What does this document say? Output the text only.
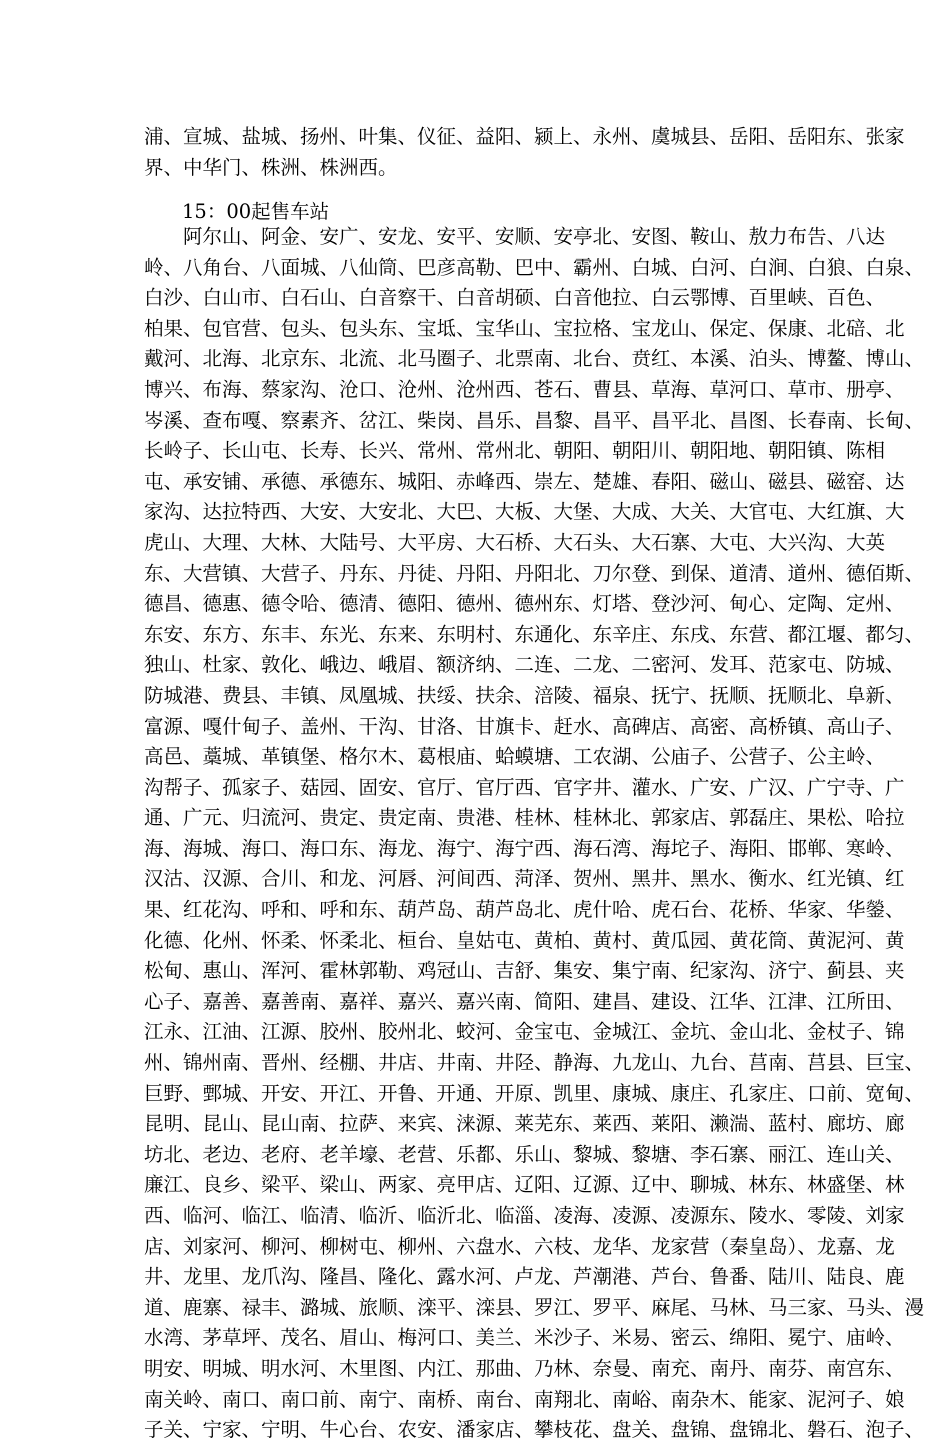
浦、宣城、盐城、扬州、叶集、仪征、益阳、颍上、永州、虞城县、岳阳、岳阳东、张家
界、中华门、株洲、株洲西。
15：00起售车站
　　阿尔山、阿金、安广、安龙、安平、安顺、安亭北、安图、鞍山、敖力布告、八达
岭、八角台、八面城、八仙筒、巴彦高勒、巴中、霸州、白城、白河、白涧、白狼、白泉、
白沙、白山市、白石山、白音察干、白音胡硕、白音他拉、白云鄂博、百里峡、百色、
柏果、包官营、包头、包头东、宝坻、宝华山、宝拉格、宝龙山、保定、保康、北碚、北
戴河、北海、北京东、北流、北马圈子、北票南、北台、贲红、本溪、泊头、博鳌、博山、
博兴、布海、蔡家沟、沧口、沧州、沧州西、苍石、曹县、草海、草河口、草市、册亭、
岑溪、查布嘎、察素齐、岔江、柴岗、昌乐、昌黎、昌平、昌平北、昌图、长春南、长甸、
长岭子、长山屯、长寿、长兴、常州、常州北、朝阳、朝阳川、朝阳地、朝阳镇、陈相
屯、承安铺、承德、承德东、城阳、赤峰西、崇左、楚雄、春阳、磁山、磁县、磁窑、达
家沟、达拉特西、大安、大安北、大巴、大板、大堡、大成、大关、大官屯、大红旗、大
虎山、大理、大林、大陆号、大平房、大石桥、大石头、大石寨、大屯、大兴沟、大英
东、大营镇、大营子、丹东、丹徒、丹阳、丹阳北、刀尔登、到保、道清、道州、德佰斯、
德昌、德惠、德令哈、德清、德阳、德州、德州东、灯塔、登沙河、甸心、定陶、定州、
东安、东方、东丰、东光、东来、东明村、东通化、东辛庄、东戌、东营、都江堰、都匀、
独山、杜家、敦化、峨边、峨眉、额济纳、二连、二龙、二密河、发耳、范家屯、防城、
防城港、费县、丰镇、凤凰城、扶绥、扶余、涪陵、福泉、抚宁、抚顺、抚顺北、阜新、
富源、嘎什甸子、盖州、干沟、甘洛、甘旗卡、赶水、高碑店、高密、高桥镇、高山子、
高邑、藁城、革镇堡、格尔木、葛根庙、蛤蟆塘、工农湖、公庙子、公营子、公主岭、
沟帮子、孤家子、菇园、固安、官厅、官厅西、官字井、灌水、广安、广汉、广宁寺、广
通、广元、归流河、贵定、贵定南、贵港、桂林、桂林北、郭家店、郭磊庄、果松、哈拉
海、海城、海口、海口东、海龙、海宁、海宁西、海石湾、海坨子、海阳、邯郸、寒岭、
汉沽、汉源、合川、和龙、河唇、河间西、菏泽、贺州、黑井、黑水、衡水、红光镇、红
果、红花沟、呼和、呼和东、葫芦岛、葫芦岛北、虎什哈、虎石台、花桥、华家、华鎣、
化德、化州、怀柔、怀柔北、桓台、皇姑屯、黄柏、黄村、黄瓜园、黄花筒、黄泥河、黄
松甸、惠山、浑河、霍林郭勒、鸡冠山、吉舒、集安、集宁南、纪家沟、济宁、蓟县、夹
心子、嘉善、嘉善南、嘉祥、嘉兴、嘉兴南、简阳、建昌、建设、江华、江津、江所田、
江永、江油、江源、胶州、胶州北、蛟河、金宝屯、金城江、金坑、金山北、金杖子、锦
州、锦州南、晋州、经棚、井店、井南、井陉、静海、九龙山、九台、莒南、莒县、巨宝、
巨野、鄄城、开安、开江、开鲁、开通、开原、凯里、康城、康庄、孔家庄、口前、宽甸、
昆明、昆山、昆山南、拉萨、来宾、涞源、莱芜东、莱西、莱阳、濑湍、蓝村、廊坊、廊
坊北、老边、老府、老羊壕、老营、乐都、乐山、黎城、黎塘、李石寨、丽江、连山关、
廉江、良乡、梁平、梁山、两家、亮甲店、辽阳、辽源、辽中、聊城、林东、林盛堡、林
西、临河、临江、临清、临沂、临沂北、临淄、凌海、凌源、凌源东、陵水、零陵、刘家
店、刘家河、柳河、柳树屯、柳州、六盘水、六枝、龙华、龙家营（秦皇岛）、龙嘉、龙
井、龙里、龙爪沟、隆昌、隆化、露水河、卢龙、芦潮港、芦台、鲁番、陆川、陆良、鹿
道、鹿寨、禄丰、潞城、旅顺、滦平、滦县、罗江、罗平、麻尾、马林、马三家、马头、漫
水湾、茅草坪、茂名、眉山、梅河口、美兰、米沙子、米易、密云、绵阳、冕宁、庙岭、
明安、明城、明水河、木里图、内江、那曲、乃林、奈曼、南充、南丹、南芬、南宫东、
南关岭、南口、南口前、南宁、南桥、南台、南翔北、南峪、南杂木、能家、泥河子、娘
子关、宁家、宁明、牛心台、农安、潘家店、攀枝花、盘关、盘锦、盘锦北、磐石、泡子、
